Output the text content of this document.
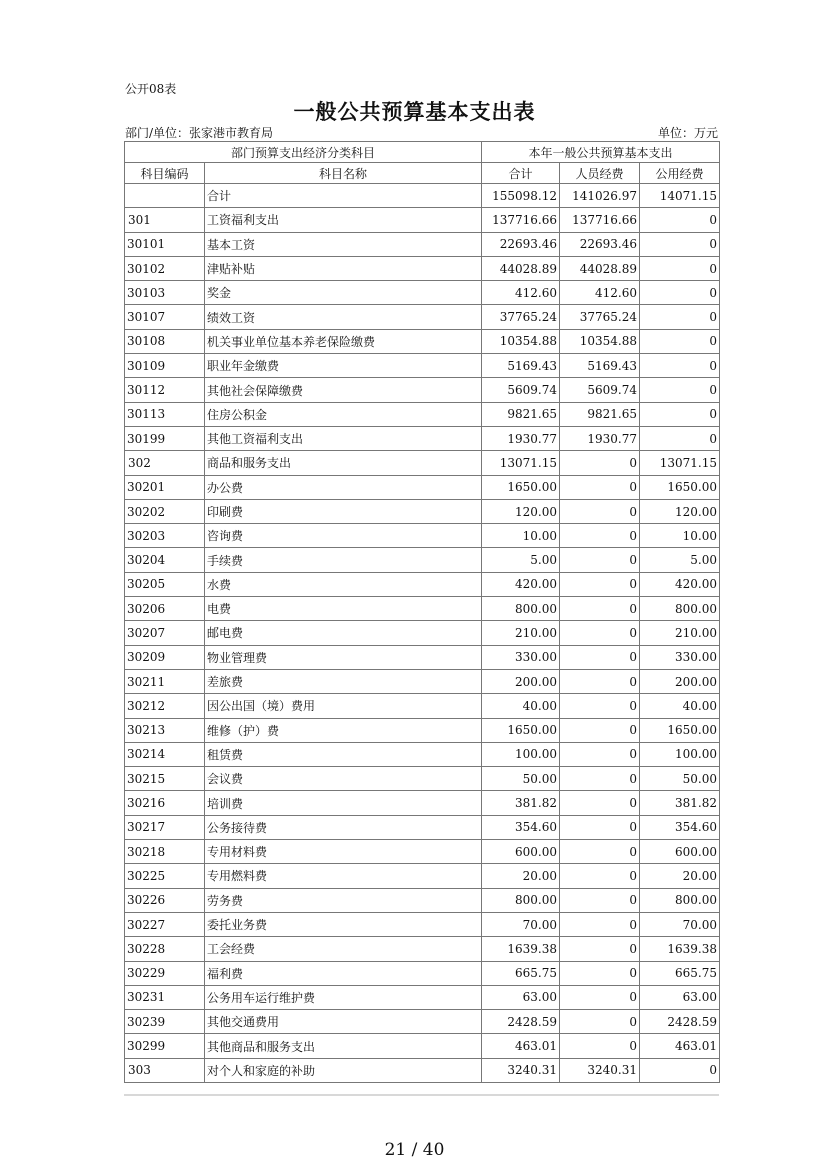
公开08表
一般公共预算基本支出表
部门/单位：张家港市教育局	单位：万元
部门预算支出经济分类科目		本年一般公共预算基本支出		
科目编码	科目名称	合计	人员经费	公用经费
	合计	155098.12	141026.97	14071.15
301	工资福利支出	137716.66	137716.66	0
30101	基本工资	22693.46	22693.46	0
30102	津贴补贴	44028.89	44028.89	0
30103	奖金	412.60	412.60	0
30107	绩效工资	37765.24	37765.24	0
30108	机关事业单位基本养老保险缴费	10354.88	10354.88	0
30109	职业年金缴费	5169.43	5169.43	0
30112	其他社会保障缴费	5609.74	5609.74	0
30113	住房公积金	9821.65	9821.65	0
30199	其他工资福利支出	1930.77	1930.77	0
302	商品和服务支出	13071.15	0	13071.15
30201	办公费	1650.00	0	1650.00
30202	印刷费	120.00	0	120.00
30203	咨询费	10.00	0	10.00
30204	手续费	5.00	0	5.00
30205	水费	420.00	0	420.00
30206	电费	800.00	0	800.00
30207	邮电费	210.00	0	210.00
30209	物业管理费	330.00	0	330.00
30211	差旅费	200.00	0	200.00
30212	因公出国（境）费用	40.00	0	40.00
30213	维修（护）费	1650.00	0	1650.00
30214	租赁费	100.00	0	100.00
30215	会议费	50.00	0	50.00
30216	培训费	381.82	0	381.82
30217	公务接待费	354.60	0	354.60
30218	专用材料费	600.00	0	600.00
30225	专用燃料费	20.00	0	20.00
30226	劳务费	800.00	0	800.00
30227	委托业务费	70.00	0	70.00
30228	工会经费	1639.38	0	1639.38
30229	福利费	665.75	0	665.75
30231	公务用车运行维护费	63.00	0	63.00
30239	其他交通费用	2428.59	0	2428.59
30299	其他商品和服务支出	463.01	0	463.01
303	对个人和家庭的补助	3240.31	3240.31	0
21 / 40
